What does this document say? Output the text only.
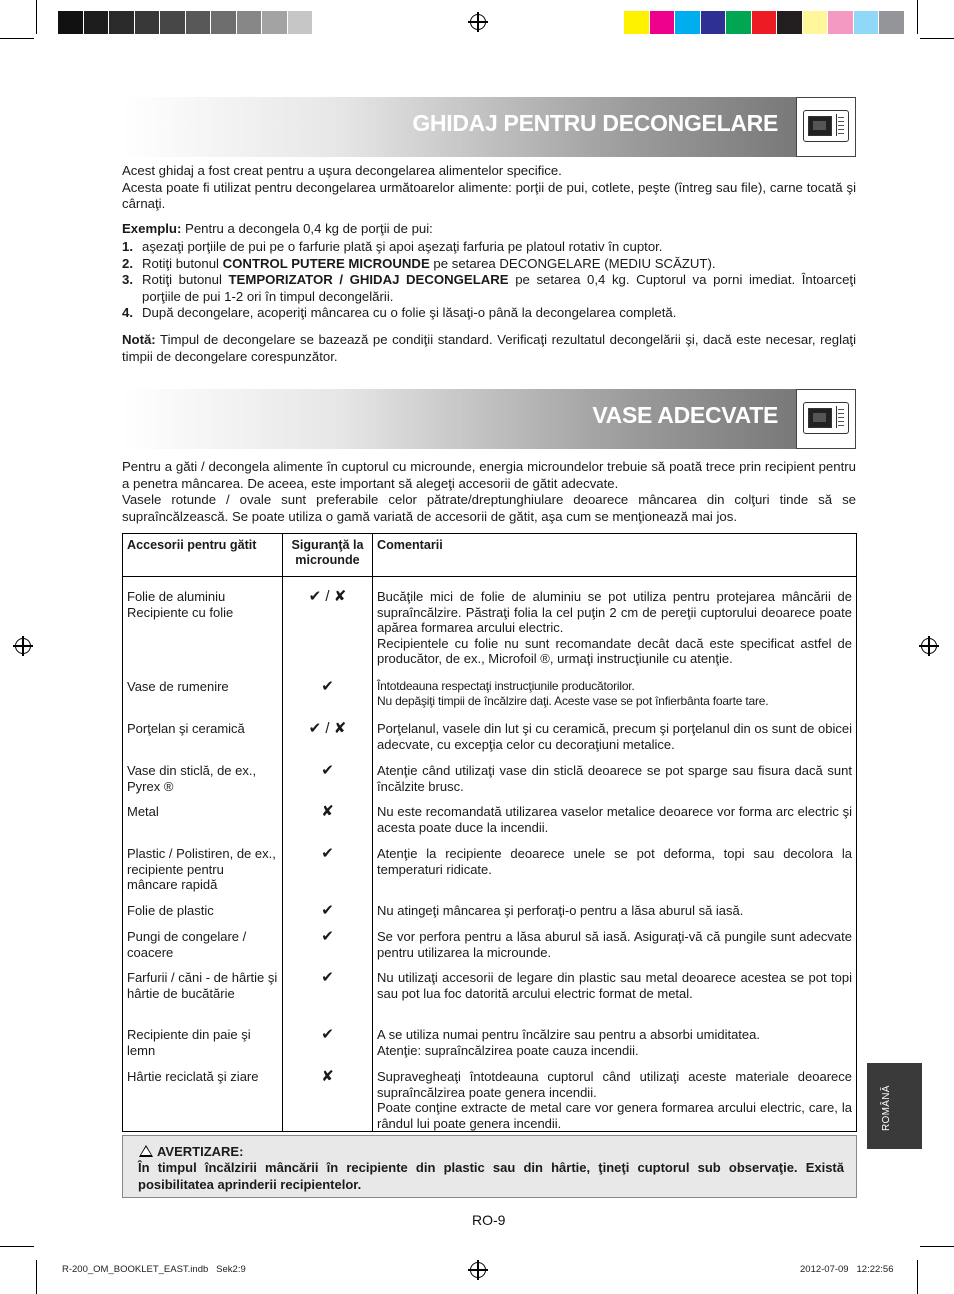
GHIDAJ PENTRU DECONGELARE
Acest ghidaj a fost creat pentru a uşura decongelarea alimentelor specifice.
Acesta poate fi utilizat pentru decongelarea următoarelor alimente: porţii de pui, cotlete, peşte (întreg sau file), carne tocată şi cârnaţi.
Exemplu: Pentru a decongela 0,4 kg de porţii de pui:
1. aşezaţi porţiile de pui pe o farfurie plată şi apoi aşezaţi farfuria pe platoul rotativ în cuptor.
2. Rotiţi butonul CONTROL PUTERE MICROUNDE pe setarea DECONGELARE (MEDIU SCĂZUT).
3. Rotiţi butonul TEMPORIZATOR / GHIDAJ DECONGELARE pe setarea 0,4 kg. Cuptorul va porni imediat. Întoarceţi porţiile de pui 1-2 ori în timpul decongelării.
4. După decongelare, acoperiţi mâncarea cu o folie şi lăsaţi-o până la decongelarea completă.
Notă: Timpul de decongelare se bazează pe condiţii standard. Verificaţi rezultatul decongelării şi, dacă este necesar, reglaţi timpii de decongelare corespunzător.
VASE ADECVATE
Pentru a găti / decongela alimente în cuptorul cu microunde, energia microundelor trebuie să poată trece prin recipient pentru a penetra mâncarea. De aceea, este important să alegeţi accesorii de gătit adecvate.
Vasele rotunde / ovale sunt preferabile celor pătrate/dreptunghiulare deoarece mâncarea din colţuri tinde să se supraîncălzească. Se poate utiliza o gamă variată de accesorii de gătit, aşa cum se menţionează mai jos.
Accesorii pentru gătit	Siguranţă la microunde	Comentarii
Folie de aluminiu Recipiente cu folie	✔ / ✘	Bucăţile mici de folie de aluminiu se pot utiliza pentru protejarea mâncării de supraîncălzire. Păstraţi folia la cel puţin 2 cm de pereţii cuptorului deoarece poate apărea formarea arcului electric.
Recipientele cu folie nu sunt recomandate decât dacă este specificat astfel de producător, de ex., Microfoil ®, urmaţi instrucţiunile cu atenţie.

Vase de rumenire	✔	Întotdeauna respectaţi instrucţiunile producătorilor.
Nu depăşiţi timpii de încălzire daţi. Aceste vase se pot înfierbânta foarte tare.

Porţelan şi ceramică	✔ / ✘	Porţelanul, vasele din lut şi cu ceramică, precum şi porţelanul din os sunt de obicei adecvate, cu excepţia celor cu decoraţiuni metalice.

Vase din sticlă, de ex., Pyrex ®	✔	Atenţie când utilizaţi vase din sticlă deoarece se pot sparge sau fisura dacă sunt încălzite brusc.

Metal	✘	Nu este recomandată utilizarea vaselor metalice deoarece vor forma arc electric şi acesta poate duce la incendii.

Plastic / Polistiren, de ex., recipiente pentru mâncare rapidă	✔	Atenţie la recipiente deoarece unele se pot deforma, topi sau decolora la temperaturi ridicate.

Folie de plastic	✔	Nu atingeţi mâncarea şi perforaţi-o pentru a lăsa aburul să iasă.

Pungi de congelare / coacere	✔	Se vor perfora pentru a lăsa aburul să iasă. Asiguraţi-vă că pungile sunt adecvate pentru utilizarea la microunde.

Farfurii / căni - de hârtie şi hârtie de bucătărie	✔	Nu utilizaţi accesorii de legare din plastic sau metal deoarece acestea se pot topi sau pot lua foc datorită arcului electric format de metal.

Recipiente din paie şi lemn	✔	A se utiliza numai pentru încălzire sau pentru a absorbi umiditatea.
Atenţie: supraîncălzirea poate cauza incendii.

Hârtie reciclată şi ziare	✘	Supravegheaţi întotdeauna cuptorul când utilizaţi aceste materiale deoarece supraîncălzirea poate genera incendii.
Poate conţine extracte de metal care vor genera formarea arcului electric, care, la rândul lui poate genera incendii.
AVERTIZARE:
În timpul încălzirii mâncării în recipiente din plastic sau din hârtie, ţineţi cuptorul sub observaţie. Există posibilitatea aprinderii recipientelor.
ROMÂNĂ
RO-9
R-200_OM_BOOKLET_EAST.indb   Sek2:9	2012-07-09   12:22:56
